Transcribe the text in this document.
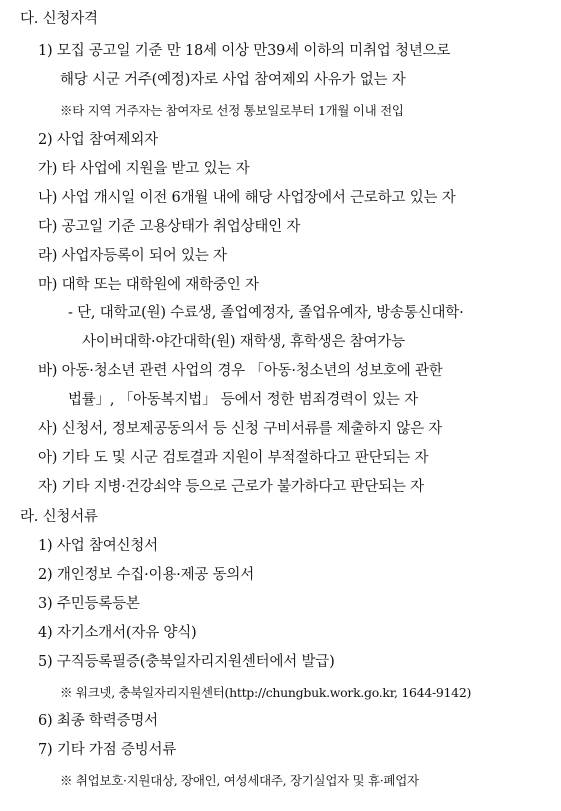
다. 신청자격
1) 모집 공고일 기준 만 18세 이상 만39세 이하의 미취업 청년으로
해당 시군 거주(예정)자로 사업 참여제외 사유가 없는 자
※타 지역 거주자는 참여자로 선정 통보일로부터 1개월 이내 전입
2) 사업 참여제외자
가) 타 사업에 지원을 받고 있는 자
나) 사업 개시일 이전 6개월 내에 해당 사업장에서 근로하고 있는 자
다) 공고일 기준 고용상태가 취업상태인 자
라) 사업자등록이 되어 있는 자
마) 대학 또는 대학원에 재학중인 자
- 단, 대학교(원) 수료생, 졸업예정자, 졸업유예자, 방송통신대학·
사이버대학·야간대학(원) 재학생, 휴학생은 참여가능
바) 아동·청소년 관련 사업의 경우 「아동·청소년의 성보호에 관한
법률」, 「아동복지법」 등에서 정한 범죄경력이 있는 자
사) 신청서, 정보제공동의서 등 신청 구비서류를 제출하지 않은 자
아) 기타 도 및 시군 검토결과 지원이 부적절하다고 판단되는 자
자) 기타 지병·건강쇠약 등으로 근로가 불가하다고 판단되는 자
라. 신청서류
1) 사업 참여신청서
2) 개인정보 수집·이용·제공 동의서
3) 주민등록등본
4) 자기소개서(자유 양식)
5) 구직등록필증(충북일자리지원센터에서 발급)
※ 워크넷, 충북일자리지원센터(http://chungbuk.work.go.kr, 1644-9142)
6) 최종 학력증명서
7) 기타 가점 증빙서류
※ 취업보호·지원대상, 장애인, 여성세대주, 장기실업자 및 휴·폐업자
